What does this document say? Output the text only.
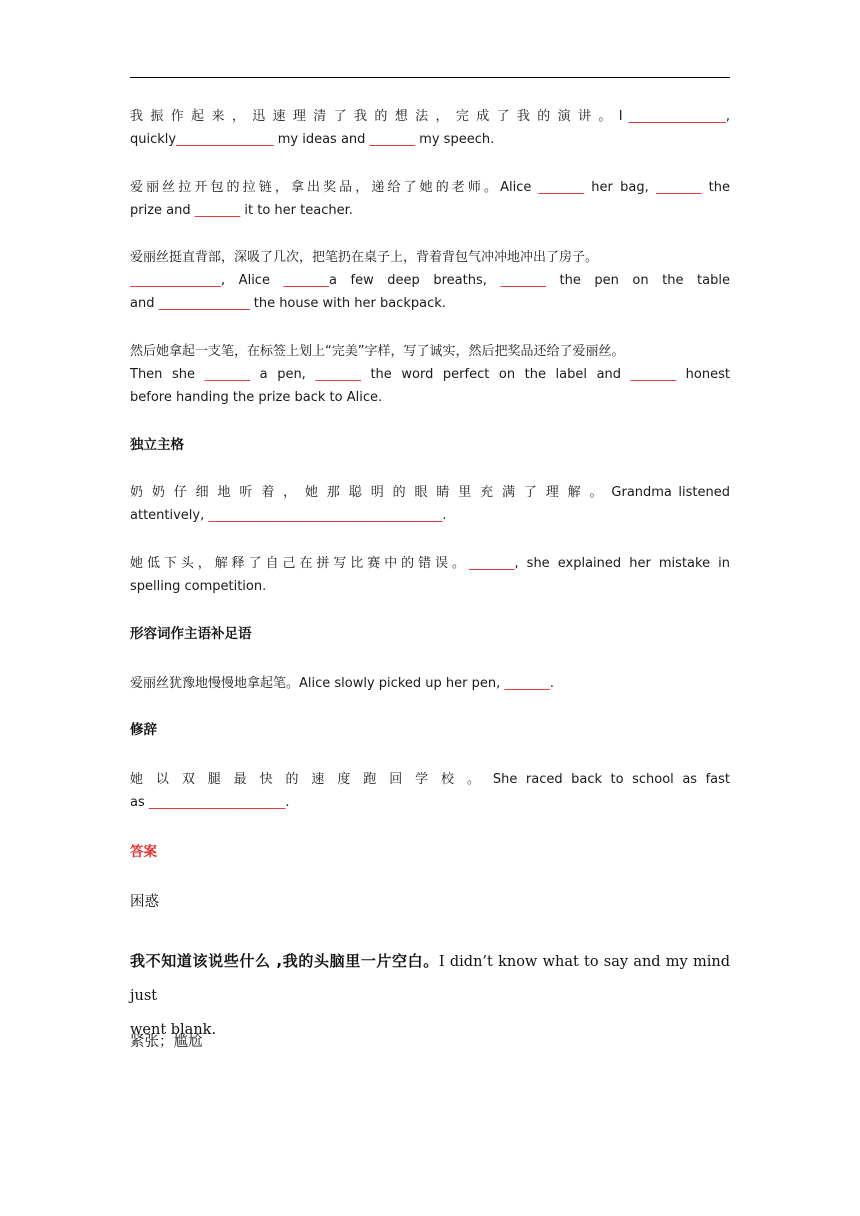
我 振 作 起 来 ， 迅 速 理 清 了 我 的 想 法 ， 完 成 了 我 的 演 讲 。 I _______________,
quickly_______________ my ideas and _______ my speech.
爱丽丝拉开包的拉链，拿出奖品，递给了她的老师。Alice _______ her bag, _______ the
prize and _______ it to her teacher.
爱丽丝挺直背部，深吸了几次，把笔扔在桌子上，背着背包气冲冲地冲出了房子。
______________, Alice _______a few deep breaths, _______ the pen on the table
and ______________ the house with her backpack.
然后她拿起一支笔，在标签上划上“完美”字样，写了诚实，然后把奖品还给了爱丽丝。
Then she _______ a pen, _______ the word perfect on the label and _______ honest
before handing the prize back to Alice.
独立主格
奶 奶 仔 细 地 听 着 ， 她 那 聪 明 的 眼 睛 里 充 满 了 理 解 。 Grandma listened
attentively, ____________________________________.
她低下头，解释了自己在拼写比赛中的错误。_______, she explained her mistake in
spelling competition.
形容词作主语补足语
爱丽丝犹豫地慢慢地拿起笔。Alice slowly picked up her pen, _______.
修辞
她 以 双 腿 最 快 的 速 度 跑 回 学 校 。 She raced back to school as fast
as _____________________.
答案
困惑
我不知道该说些什么 ,我的头脑里一片空白。I didn’t know what to say and my mind just
went blank.
紧张；尴尬
